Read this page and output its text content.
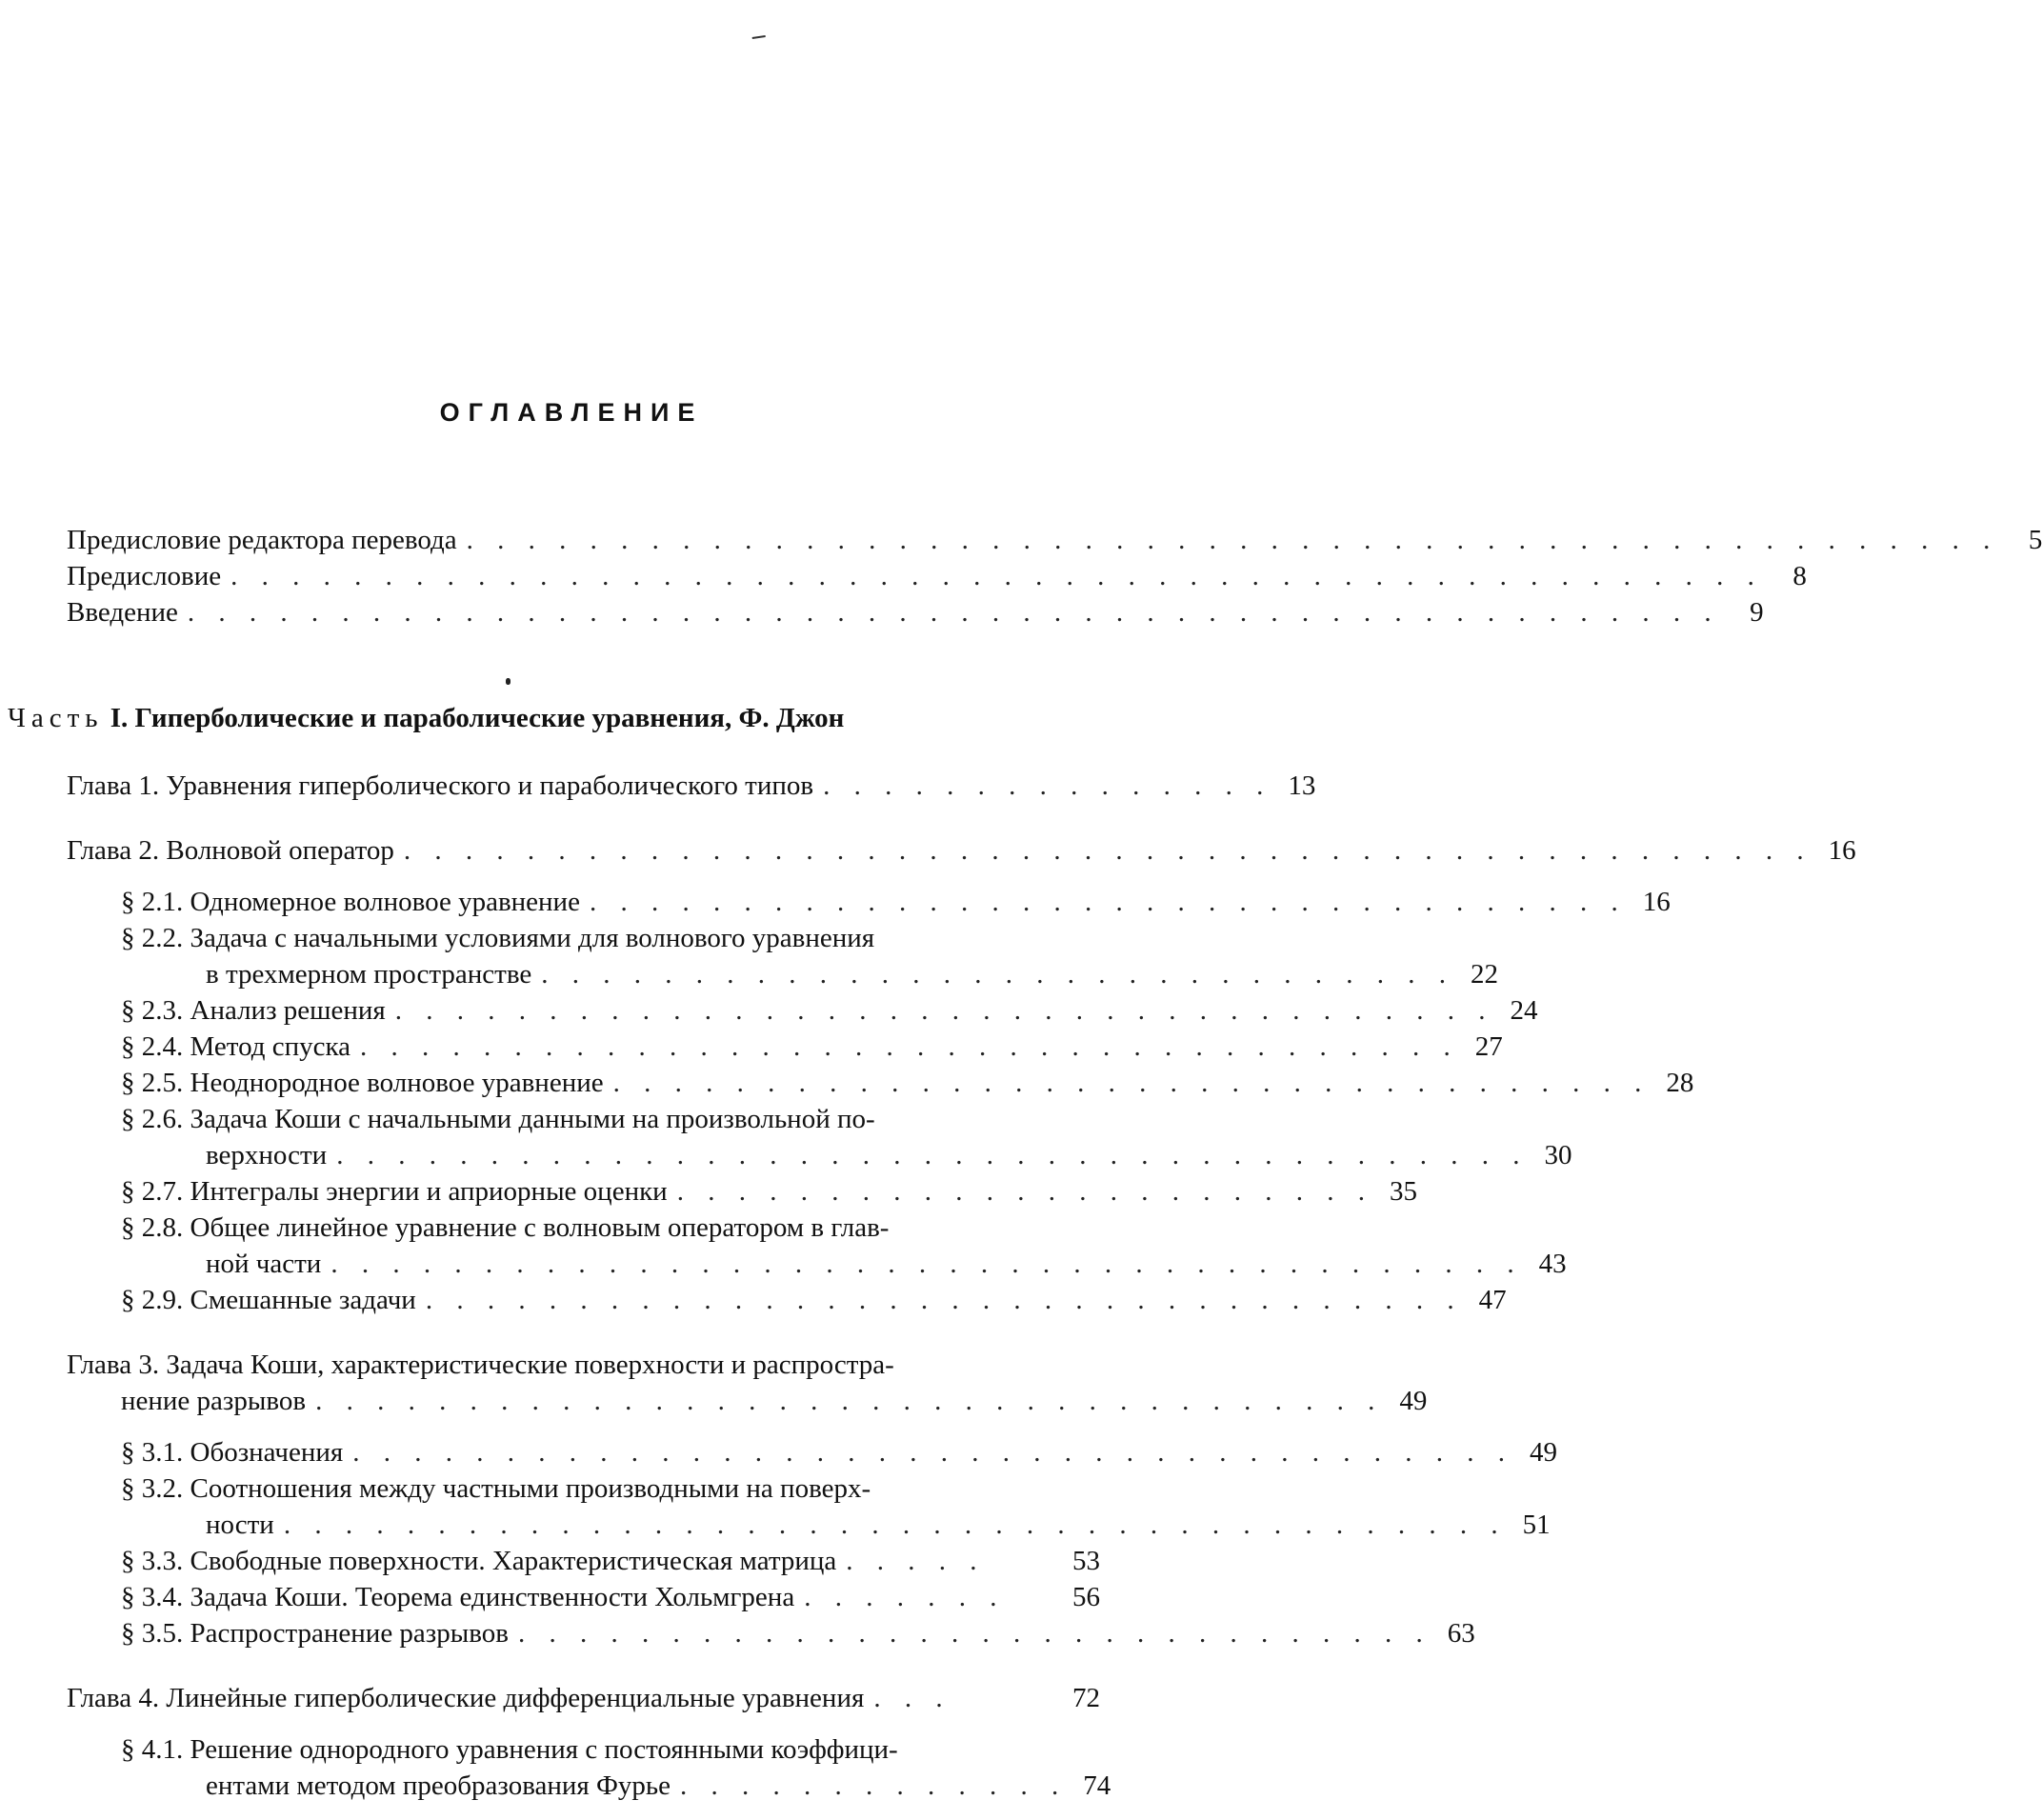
ОГЛАВЛЕНИЕ
Предисловие редактора перевода . . . . . . . . . . . . . . . . . . . . . . . . . . . . . . . . . . . . . . . . . . . . . . . . . .	5
Предисловие . . . . . . . . . . . . . . . . . . . . . . . . . . . . . . . . . . . . . . . . . . . . . . . . . .	8
Введение . . . . . . . . . . . . . . . . . . . . . . . . . . . . . . . . . . . . . . . . . . . . . . . . . .	9
Часть I. Гиперболические и параболические уравнения, Ф. Джон
Глава 1. Уравнения гиперболического и параболического типов . . . . . . . . . . . . . . . 13
Глава 2. Волновой оператор . . . . . . . . . . . . . . . . . . . . . . . . . . . . . . . . . . . . . . . . . . . . . . 16
§ 2.1. Одномерное волновое уравнение . . . . . . . . . . . . . . . . . . . . . . . . . . . . . . . . . . 16
§ 2.2. Задача с начальными условиями для волнового уравнения
в трехмерном пространстве . . . . . . . . . . . . . . . . . . . . . . . . . . . . . . 22
§ 2.3. Анализ решения . . . . . . . . . . . . . . . . . . . . . . . . . . . . . . . . . . . . 24
§ 2.4. Метод спуска . . . . . . . . . . . . . . . . . . . . . . . . . . . . . . . . . . . . 27
§ 2.5. Неоднородное волновое уравнение . . . . . . . . . . . . . . . . . . . . . . . . . . . . . . . . . . 28
§ 2.6. Задача Коши с начальными данными на произвольной по-
верхности . . . . . . . . . . . . . . . . . . . . . . . . . . . . . . . . . . . . . . . 30
§ 2.7. Интегралы энергии и априорные оценки . . . . . . . . . . . . . . . . . . . . . . . 35
§ 2.8. Общее линейное уравнение с волновым оператором в глав-
ной части . . . . . . . . . . . . . . . . . . . . . . . . . . . . . . . . . . . . . . . 43
§ 2.9. Смешанные задачи . . . . . . . . . . . . . . . . . . . . . . . . . . . . . . . . . . 47
Глава 3. Задача Коши, характеристические поверхности и распростра-
нение разрывов . . . . . . . . . . . . . . . . . . . . . . . . . . . . . . . . . . . 49
§ 3.1. Обозначения . . . . . . . . . . . . . . . . . . . . . . . . . . . . . . . . . . . . . . 49
§ 3.2. Соотношения между частными производными на поверх-
ности . . . . . . . . . . . . . . . . . . . . . . . . . . . . . . . . . . . . . . . . 51
§ 3.3. Свободные поверхности. Характеристическая матрица . . . . .	53
§ 3.4. Задача Коши. Теорема единственности Хольмгрена . . . . . . .	56
§ 3.5. Распространение разрывов . . . . . . . . . . . . . . . . . . . . . . . . . . . . . . 63
Глава 4. Линейные гиперболические дифференциальные уравнения . . .	72
§ 4.1. Решение однородного уравнения с постоянными коэффици-
ентами методом преобразования Фурье . . . . . . . . . . . . . 74
